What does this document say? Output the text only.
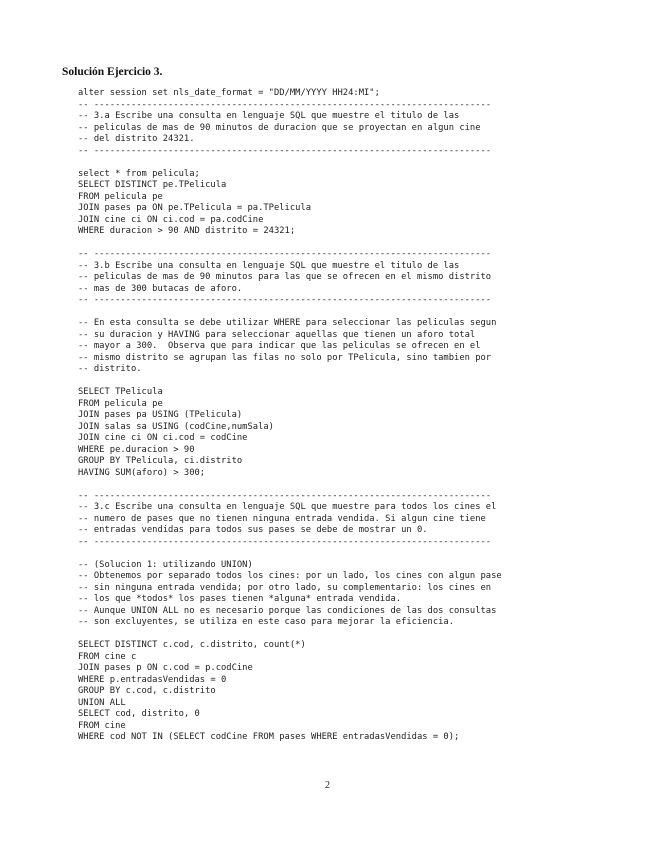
Solución Ejercicio 3.
alter session set nls_date_format = "DD/MM/YYYY HH24:MI";
-- ---------------------------------------------------------------------------
-- 3.a Escribe una consulta en lenguaje SQL que muestre el titulo de las
-- peliculas de mas de 90 minutos de duracion que se proyectan en algun cine
-- del distrito 24321.
-- ---------------------------------------------------------------------------
select * from pelicula;
SELECT DISTINCT pe.TPelicula
FROM pelicula pe
JOIN pases pa ON pe.TPelicula = pa.TPelicula
JOIN cine ci ON ci.cod = pa.codCine
WHERE duracion > 90 AND distrito = 24321;
-- ---------------------------------------------------------------------------
-- 3.b Escribe una consulta en lenguaje SQL que muestre el titulo de las
-- peliculas de mas de 90 minutos para las que se ofrecen en el mismo distrito
-- mas de 300 butacas de aforo.
-- ---------------------------------------------------------------------------
-- En esta consulta se debe utilizar WHERE para seleccionar las peliculas segun
-- su duracion y HAVING para seleccionar aquellas que tienen un aforo total
-- mayor a 300.  Observa que para indicar que las peliculas se ofrecen en el
-- mismo distrito se agrupan las filas no solo por TPelicula, sino tambien por
-- distrito.
SELECT TPelicula
FROM pelicula pe
JOIN pases pa USING (TPelicula)
JOIN salas sa USING (codCine,numSala)
JOIN cine ci ON ci.cod = codCine
WHERE pe.duracion > 90
GROUP BY TPelicula, ci.distrito
HAVING SUM(aforo) > 300;
-- ---------------------------------------------------------------------------
-- 3.c Escribe una consulta en lenguaje SQL que muestre para todos los cines el
-- numero de pases que no tienen ninguna entrada vendida. Si algun cine tiene
-- entradas vendidas para todos sus pases se debe de mostrar un 0.
-- ---------------------------------------------------------------------------
-- (Solucion 1: utilizando UNION)
-- Obtenemos por separado todos los cines: por un lado, los cines con algun pase
-- sin ninguna entrada vendida; por otro lado, su complementario: los cines en
-- los que *todos* los pases tienen *alguna* entrada vendida.
-- Aunque UNION ALL no es necesario porque las condiciones de las dos consultas
-- son excluyentes, se utiliza en este caso para mejorar la eficiencia.
SELECT DISTINCT c.cod, c.distrito, count(*)
FROM cine c
JOIN pases p ON c.cod = p.codCine
WHERE p.entradasVendidas = 0
GROUP BY c.cod, c.distrito
UNION ALL
SELECT cod, distrito, 0
FROM cine
WHERE cod NOT IN (SELECT codCine FROM pases WHERE entradasVendidas = 0);
2
